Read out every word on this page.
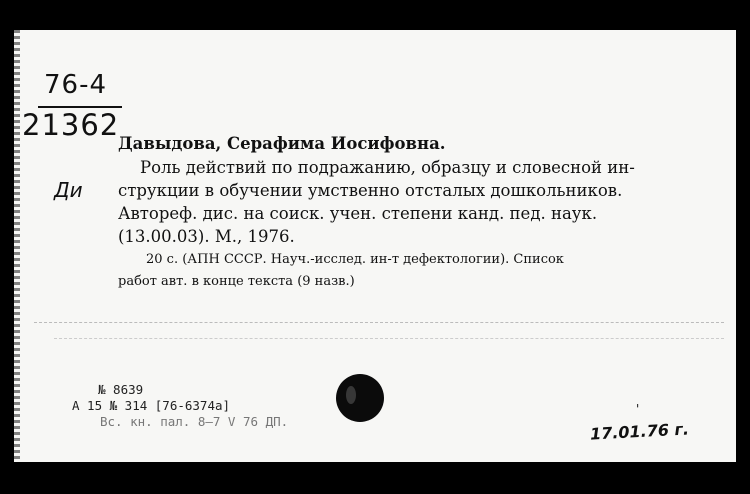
76-4
21362
Ди
Давыдова, Серафима Иосифовна.
Роль действий по подражанию, образцу и словесной ин-
струкции в обучении умственно отсталых дошкольников.
Автореф. дис. на соиск. учен. степени канд. пед. наук.
(13.00.03). М., 1976.
20 с. (АПН СССР. Науч.-исслед. ин-т дефектологии). Список
работ авт. в конце текста (9 назв.)
№ 8639
А 15 № 314 [76-6374а]
Вс. кн. пал. 8—7 V 76 ДП.
'
17.01.76 г.
